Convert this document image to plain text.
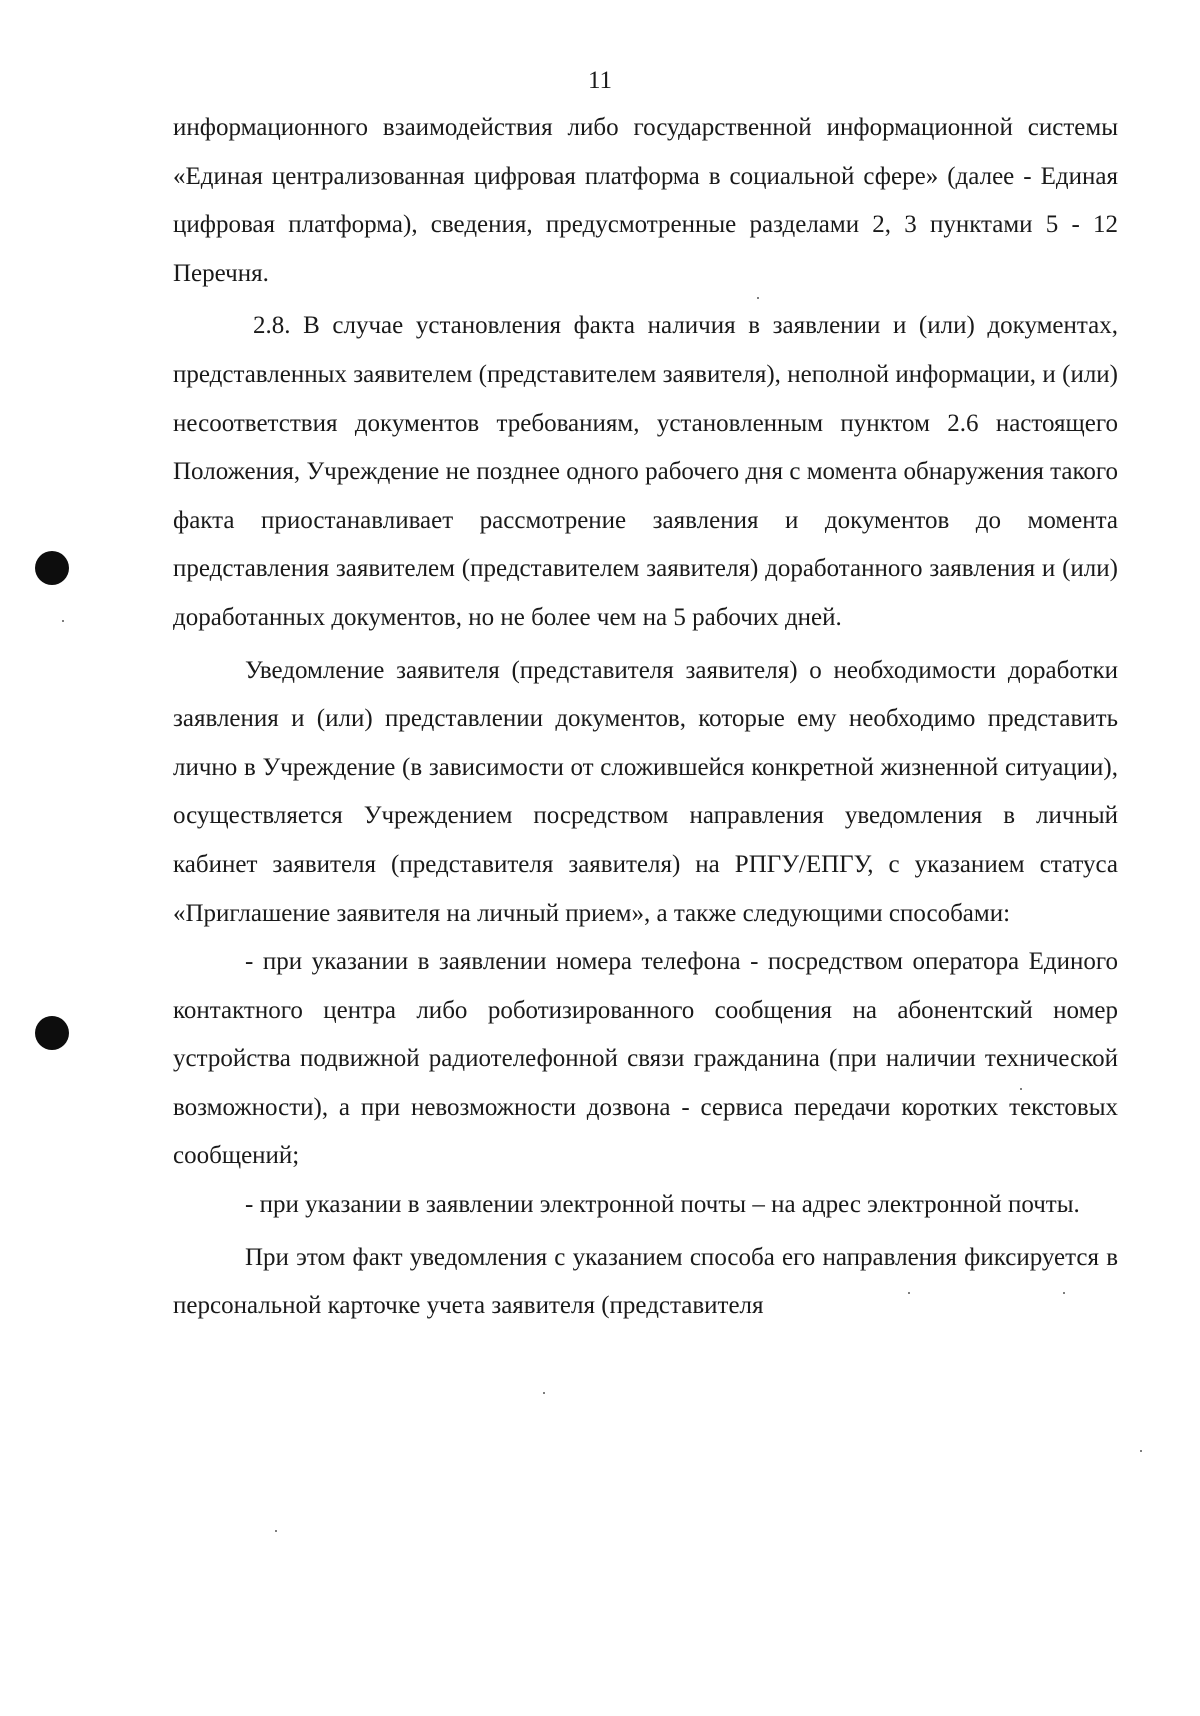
11

информационного взаимодействия либо государственной информационной системы «Единая централизованная цифровая платформа в социальной сфере» (далее - Единая цифровая платформа), сведения, предусмотренные разделами 2, 3 пунктами 5 - 12 Перечня.

2.8. В случае установления факта наличия в заявлении и (или) документах, представленных заявителем (представителем заявителя), неполной информации, и (или) несоответствия документов требованиям, установленным пунктом 2.6 настоящего Положения, Учреждение не позднее одного рабочего дня с момента обнаружения такого факта приостанавливает рассмотрение заявления и документов до момента представления заявителем (представителем заявителя) доработанного заявления и (или) доработанных документов, но не более чем на 5 рабочих дней.

Уведомление заявителя (представителя заявителя) о необходимости доработки заявления и (или) представлении документов, которые ему необходимо представить лично в Учреждение (в зависимости от сложившейся конкретной жизненной ситуации), осуществляется Учреждением посредством направления уведомления в личный кабинет заявителя (представителя заявителя) на РПГУ/ЕПГУ, с указанием статуса «Приглашение заявителя на личный прием», а также следующими способами:

- при указании в заявлении номера телефона - посредством оператора Единого контактного центра либо роботизированного сообщения на абонентский номер устройства подвижной радиотелефонной связи гражданина (при наличии технической возможности), а при невозможности дозвона - сервиса передачи коротких текстовых сообщений;

- при указании в заявлении электронной почты – на адрес электронной почты.

При этом факт уведомления с указанием способа его направления фиксируется в персональной карточке учета заявителя (представителя
